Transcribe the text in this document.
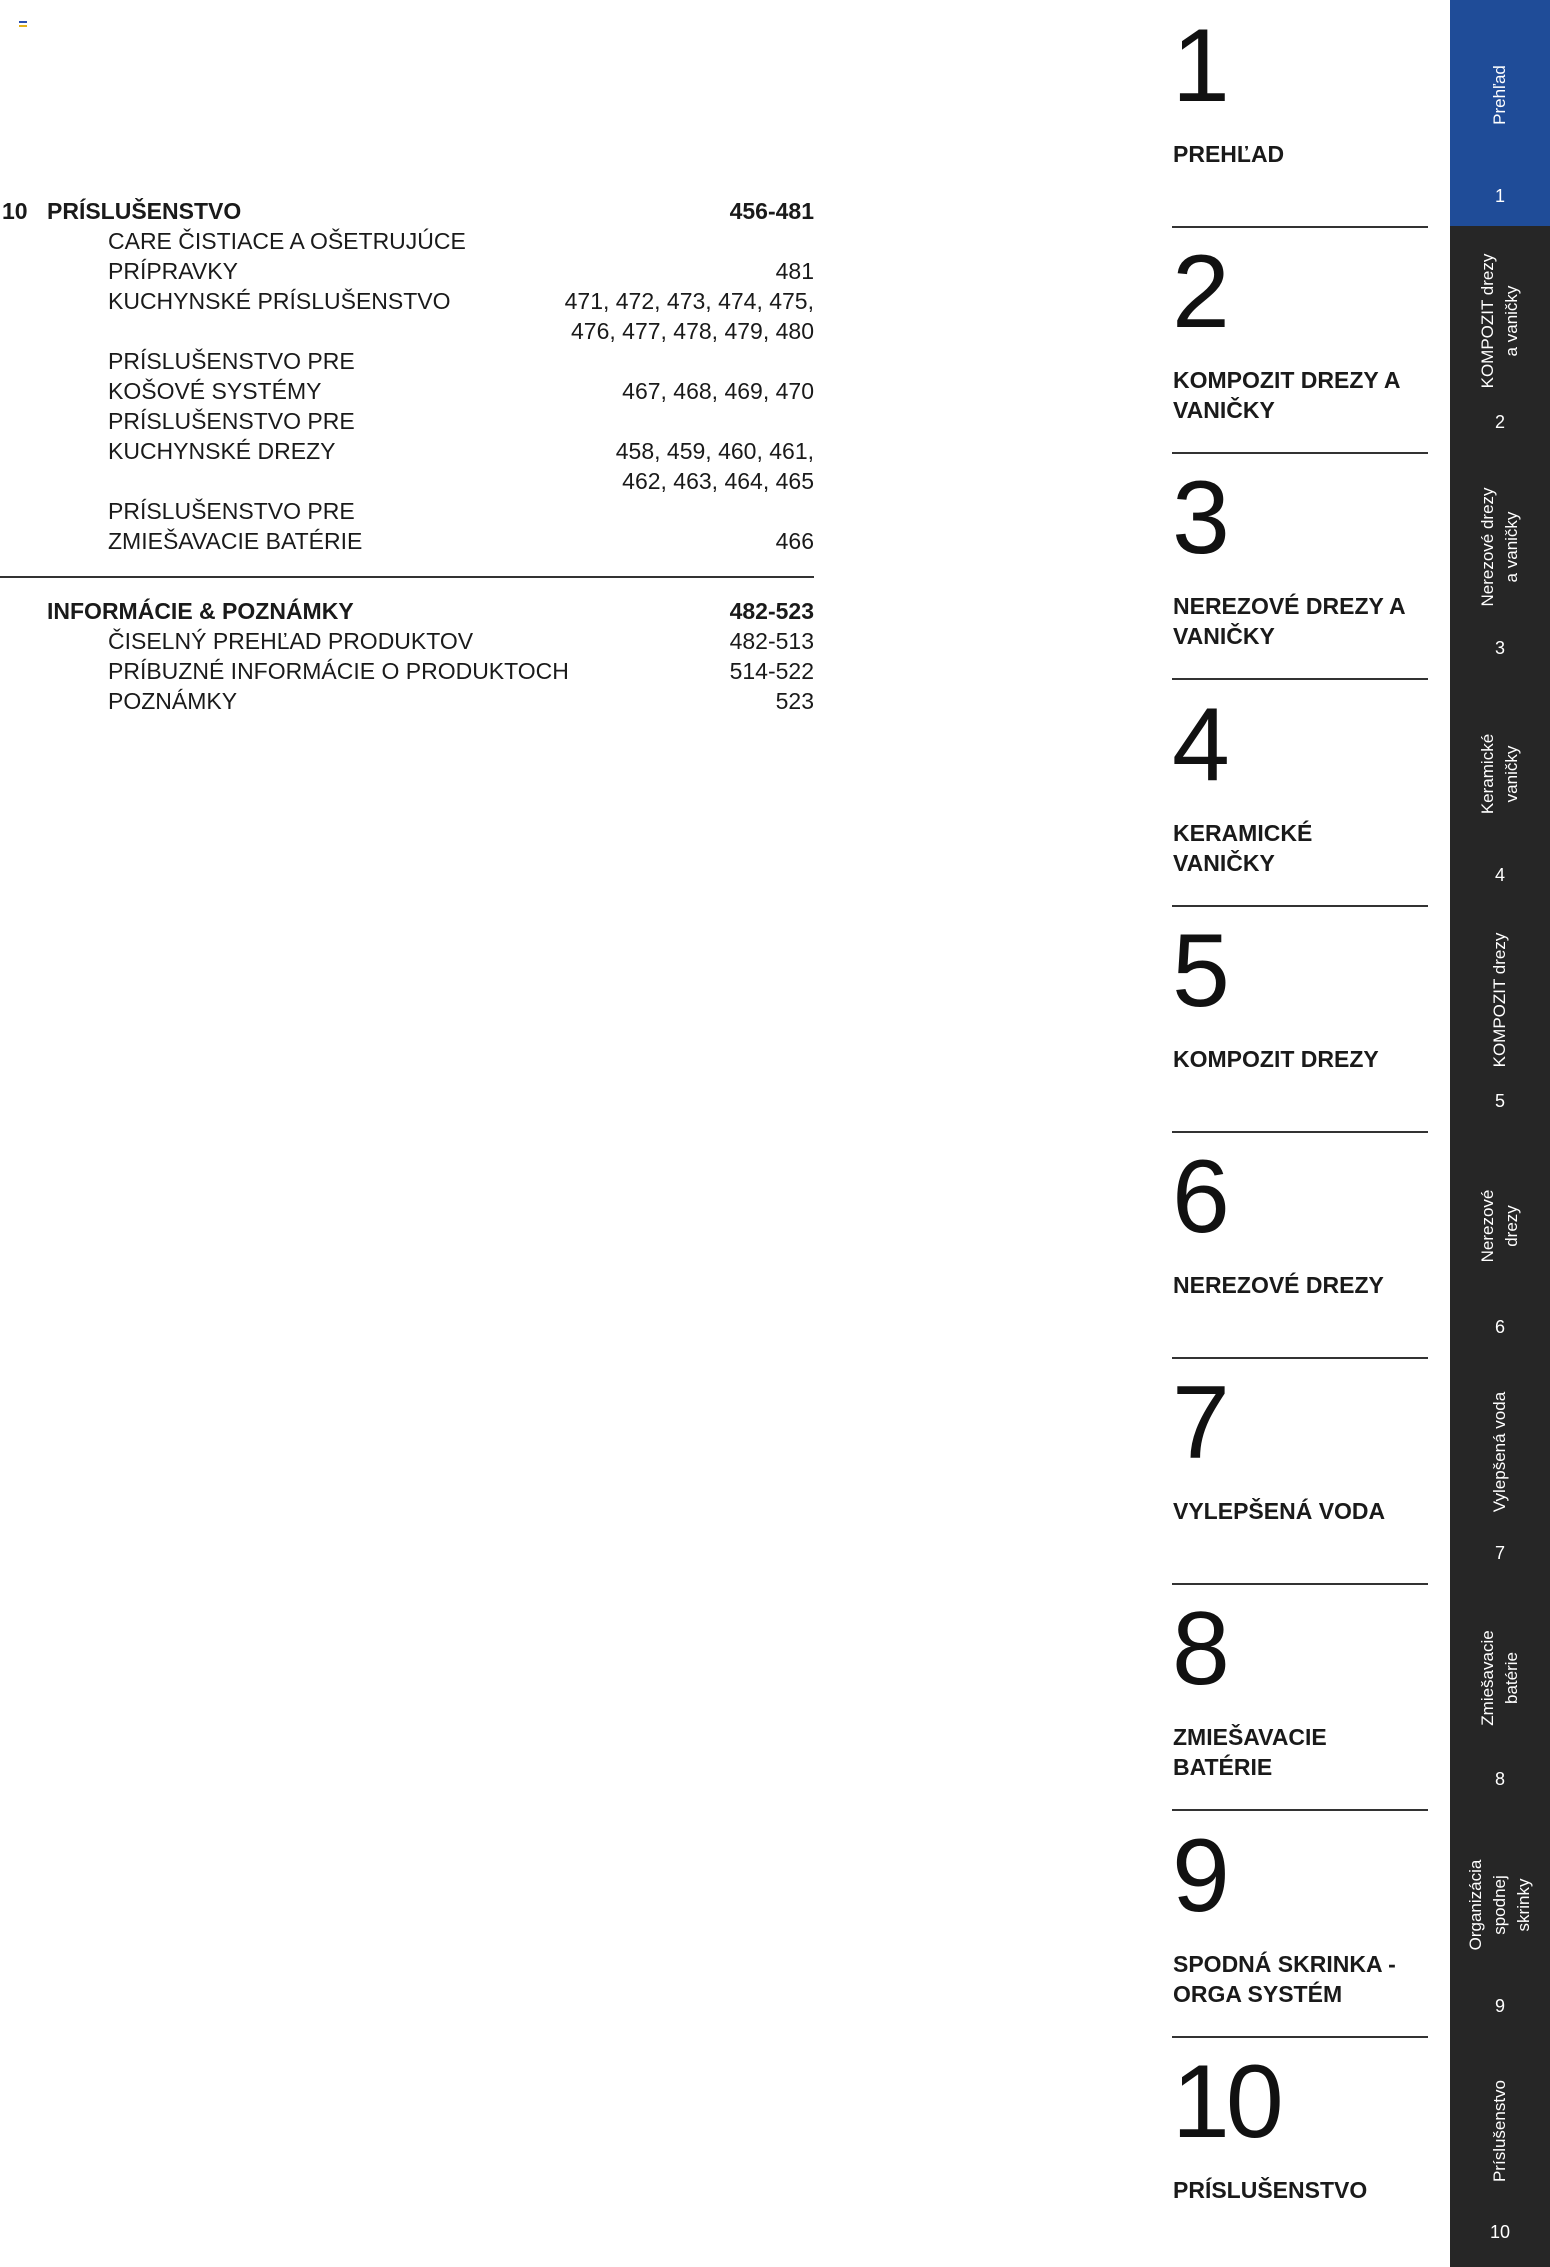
10 PRÍSLUŠENSTVO	456-481
CARE ČISTIACE A OŠETRUJÚCE
PRÍPRAVKY	481
KUCHYNSKÉ PRÍSLUŠENSTVO	471, 472, 473, 474, 475,
476, 477, 478, 479, 480
PRÍSLUŠENSTVO PRE
KOŠOVÉ SYSTÉMY	467, 468, 469, 470
PRÍSLUŠENSTVO PRE
KUCHYNSKÉ DREZY	458, 459, 460, 461,
462, 463, 464, 465
PRÍSLUŠENSTVO PRE
ZMIEŠAVACIE BATÉRIE	466
INFORMÁCIE & POZNÁMKY	482-523
ČISELNÝ PREHĽAD PRODUKTOV	482-513
PRÍBUZNÉ INFORMÁCIE O PRODUKTOCH	514-522
POZNÁMKY	523
1
PREHĽAD
2
KOMPOZIT DREZY A
VANIČKY
3
NEREZOVÉ DREZY A
VANIČKY
4
KERAMICKÉ
VANIČKY
5
KOMPOZIT DREZY
6
NEREZOVÉ DREZY
7
VYLEPŠENÁ VODA
8
ZMIEŠAVACIE
BATÉRIE
9
SPODNÁ SKRINKA -
ORGA SYSTÉM
10
PRÍSLUŠENSTVO
Prehľad
1
KOMPOZIT drezy
a vaničky
2
Nerezové drezy
a vaničky
3
Keramické
vaničky
4
KOMPOZIT drezy
5
Nerezové
drezy
6
Vylepšená voda
7
Zmiešavacie
batérie
8
Organizácia
spodnej
skrinky
9
Príslušenstvo
10
